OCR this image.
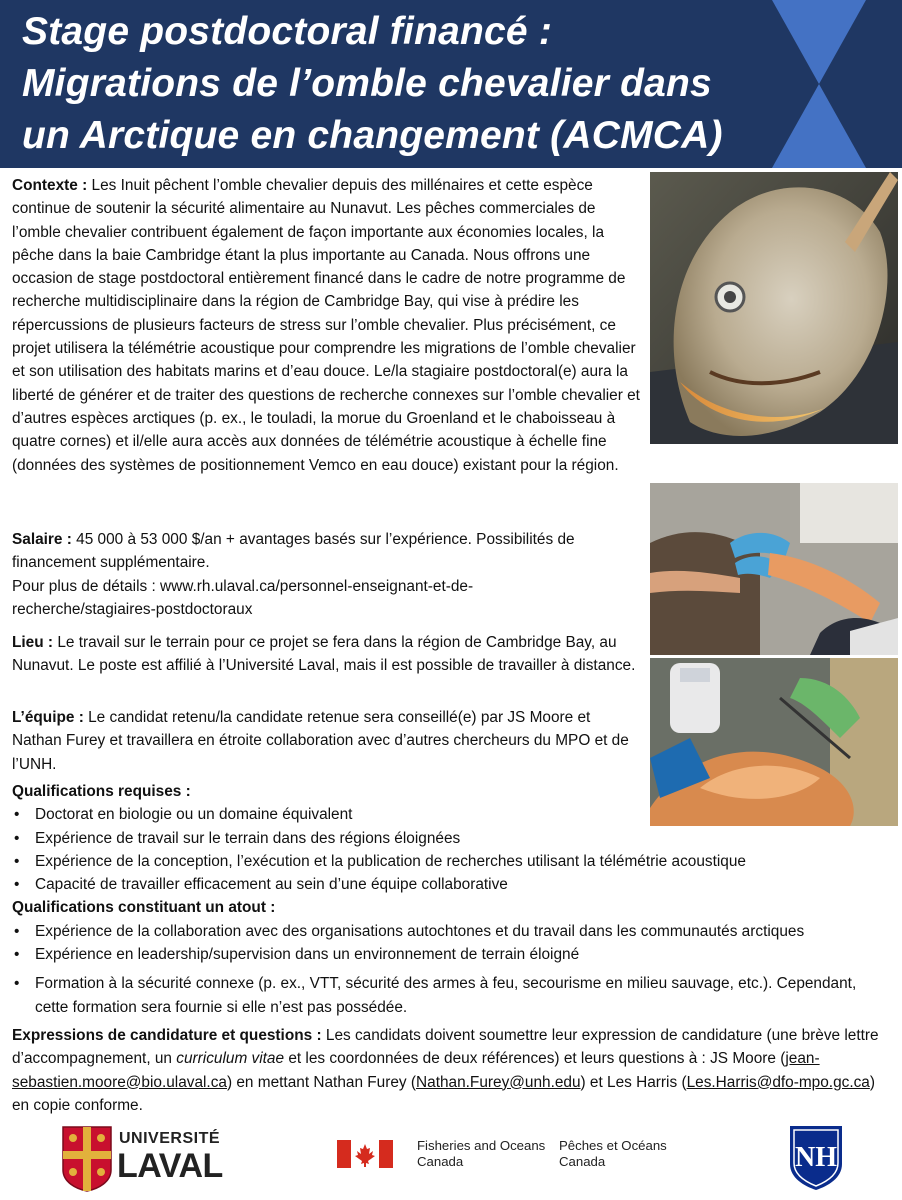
Stage postdoctoral financé :
Migrations de l’omble chevalier dans
un Arctique en changement (ACMCA)

Contexte : Les Inuit pêchent l’omble chevalier depuis des millénaires et cette espèce continue de soutenir la sécurité alimentaire au Nunavut. Les pêches commerciales de l’omble chevalier contribuent également de façon importante aux économies locales, la pêche dans la baie Cambridge étant la plus importante au Canada. Nous offrons une occasion de stage postdoctoral entièrement financé dans le cadre de notre programme de recherche multidisciplinaire dans la région de Cambridge Bay, qui vise à prédire les répercussions de plusieurs facteurs de stress sur l’omble chevalier. Plus précisément, ce projet utilisera la télémétrie acoustique pour comprendre les migrations de l’omble chevalier et son utilisation des habitats marins et d’eau douce. Le/la stagiaire postdoctoral(e) aura la liberté de générer et de traiter des questions de recherche connexes sur l’omble chevalier et d’autres espèces arctiques (p. ex., le touladi, la morue du Groenland et le chaboisseau à quatre cornes) et il/elle aura accès aux données de télémétrie acoustique à échelle fine (données des systèmes de positionnement Vemco en eau douce) existant pour la région.

Salaire : 45 000 à 53 000 $/an + avantages basés sur l’expérience. Possibilités de financement supplémentaire.

Pour plus de détails : www.rh.ulaval.ca/personnel-enseignant-et-de-

recherche/stagiaires-postdoctoraux

Lieu : Le travail sur le terrain pour ce projet se fera dans la région de Cambridge Bay, au Nunavut. Le poste est affilié à l’Université Laval, mais il est possible de travailler à distance.

L’équipe : Le candidat retenu/la candidate retenue sera conseillé(e) par JS Moore et Nathan Furey et travaillera en étroite collaboration avec d’autres chercheurs du MPO et de l’UNH.

Qualifications requises :

• Doctorat en biologie ou un domaine équivalent
• Expérience de travail sur le terrain dans des régions éloignées
• Expérience de la conception, l’exécution et la publication de recherches utilisant la télémétrie acoustique
• Capacité de travailler efficacement au sein d’une équipe collaborative

Qualifications constituant un atout :

• Expérience de la collaboration avec des organisations autochtones et du travail dans les communautés arctiques
• Expérience en leadership/supervision dans un environnement de terrain éloigné
• Formation à la sécurité connexe (p. ex., VTT, sécurité des armes à feu, secourisme en milieu sauvage, etc.). Cependant, cette formation sera fournie si elle n’est pas possédée.

Expressions de candidature et questions : Les candidats doivent soumettre leur expression de candidature (une brève lettre d’accompagnement, un curriculum vitae et les coordonnées de deux références) et leurs questions à : JS Moore (jean-sebastien.moore@bio.ulaval.ca) en mettant Nathan Furey (Nathan.Furey@unh.edu) et Les Harris (Les.Harris@dfo-mpo.gc.ca) en copie conforme.

UNIVERSITÉ
LAVAL
Fisheries and Oceans
Canada
Pêches et Océans
Canada	NH
